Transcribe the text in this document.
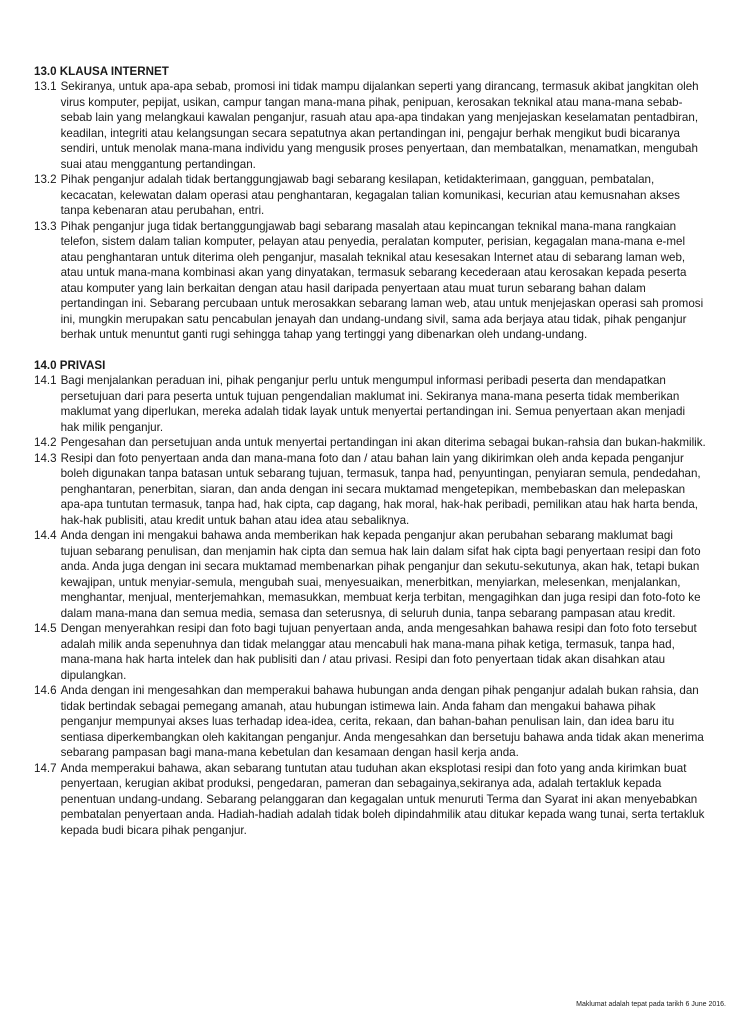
13.0 KLAUSA INTERNET
13.1 Sekiranya, untuk apa-apa sebab, promosi ini tidak mampu dijalankan seperti yang dirancang, termasuk akibat jangkitan oleh virus komputer, pepijat, usikan, campur tangan mana-mana pihak, penipuan, kerosakan teknikal atau mana-mana sebab-sebab lain yang melangkaui kawalan penganjur, rasuah atau apa-apa tindakan yang menjejaskan keselamatan pentadbiran, keadilan, integriti atau kelangsungan secara sepatutnya akan pertandingan ini, pengajur berhak mengikut budi bicaranya sendiri, untuk menolak mana-mana individu yang mengusik proses penyertaan, dan membatalkan, menamatkan, mengubah suai atau menggantung pertandingan.
13.2 Pihak penganjur adalah tidak bertanggungjawab bagi sebarang kesilapan, ketidakterimaan, gangguan, pembatalan, kecacatan, kelewatan dalam operasi atau penghantaran, kegagalan talian komunikasi, kecurian atau kemusnahan akses tanpa kebenaran atau perubahan, entri.
13.3 Pihak penganjur juga tidak bertanggungjawab bagi sebarang masalah atau kepincangan teknikal mana-mana rangkaian telefon, sistem dalam talian komputer, pelayan atau penyedia, peralatan komputer, perisian, kegagalan mana-mana e-mel atau penghantaran untuk diterima oleh penganjur, masalah teknikal atau kesesakan Internet atau di sebarang laman web, atau untuk mana-mana kombinasi akan yang dinyatakan, termasuk sebarang kecederaan atau kerosakan kepada peserta atau komputer yang lain berkaitan dengan atau hasil daripada penyertaan atau muat turun sebarang bahan dalam pertandingan ini. Sebarang percubaan untuk merosakkan sebarang laman web, atau untuk menjejaskan operasi sah promosi ini, mungkin merupakan satu pencabulan jenayah dan undang-undang sivil, sama ada berjaya atau tidak, pihak penganjur berhak untuk menuntut ganti rugi sehingga tahap yang tertinggi yang dibenarkan oleh undang-undang.
14.0 PRIVASI
14.1 Bagi menjalankan peraduan ini, pihak penganjur perlu untuk mengumpul informasi peribadi peserta dan mendapatkan persetujuan dari para peserta untuk tujuan pengendalian maklumat ini. Sekiranya mana-mana peserta tidak memberikan maklumat yang diperlukan, mereka adalah tidak layak untuk menyertai pertandingan ini. Semua penyertaan akan menjadi hak milik penganjur.
14.2 Pengesahan dan persetujuan anda untuk menyertai pertandingan ini akan diterima sebagai bukan-rahsia dan bukan-hakmilik.
14.3 Resipi dan foto penyertaan anda dan mana-mana foto dan / atau bahan lain yang dikirimkan oleh anda kepada penganjur boleh digunakan tanpa batasan untuk sebarang tujuan, termasuk, tanpa had, penyuntingan, penyiaran semula, pendedahan, penghantaran, penerbitan, siaran, dan anda dengan ini secara muktamad mengetepikan, membebaskan dan melepaskan apa-apa tuntutan termasuk, tanpa had, hak cipta, cap dagang, hak moral, hak-hak peribadi, pemilikan atau hak harta benda, hak-hak publisiti, atau kredit untuk bahan atau idea atau sebaliknya.
14.4 Anda dengan ini mengakui bahawa anda memberikan hak kepada penganjur akan perubahan sebarang maklumat bagi tujuan sebarang penulisan, dan menjamin hak cipta dan semua hak lain dalam sifat hak cipta bagi penyertaan resipi dan foto anda. Anda juga dengan ini secara muktamad membenarkan pihak penganjur dan sekutu-sekutunya, akan hak, tetapi bukan kewajipan, untuk menyiar-semula, mengubah suai, menyesuaikan, menerbitkan, menyiarkan, melesenkan, menjalankan, menghantar, menjual, menterjemahkan, memasukkan, membuat kerja terbitan, mengagihkan dan juga resipi dan foto-foto ke dalam mana-mana dan semua media, semasa dan seterusnya, di seluruh dunia, tanpa sebarang pampasan atau kredit.
14.5 Dengan menyerahkan resipi dan foto bagi tujuan penyertaan anda, anda mengesahkan bahawa resipi dan foto foto tersebut adalah milik anda sepenuhnya dan tidak melanggar atau mencabuli hak mana-mana pihak ketiga, termasuk, tanpa had, mana-mana hak harta intelek dan hak publisiti dan / atau privasi. Resipi dan foto penyertaan tidak akan disahkan atau dipulangkan.
14.6 Anda dengan ini mengesahkan dan memperakui bahawa hubungan anda dengan pihak penganjur adalah bukan rahsia, dan tidak bertindak sebagai pemegang amanah, atau hubungan istimewa lain. Anda faham dan mengakui bahawa pihak penganjur mempunyai akses luas terhadap idea-idea, cerita, rekaan, dan bahan-bahan penulisan lain, dan idea baru itu sentiasa diperkembangkan oleh kakitangan penganjur. Anda mengesahkan dan bersetuju bahawa anda tidak akan menerima sebarang pampasan bagi mana-mana kebetulan dan kesamaan dengan hasil kerja anda.
14.7 Anda memperakui bahawa, akan sebarang tuntutan atau tuduhan akan eksplotasi resipi dan foto yang anda kirimkan buat penyertaan, kerugian akibat produksi, pengedaran, pameran dan sebagainya,sekiranya ada, adalah tertakluk kepada penentuan undang-undang. Sebarang pelanggaran dan kegagalan untuk menuruti Terma dan Syarat ini akan menyebabkan pembatalan penyertaan anda. Hadiah-hadiah adalah tidak boleh dipindahmilik atau ditukar kepada wang tunai, serta tertakluk kepada budi bicara pihak penganjur.
Maklumat adalah tepat pada tarikh 6 June 2016.
